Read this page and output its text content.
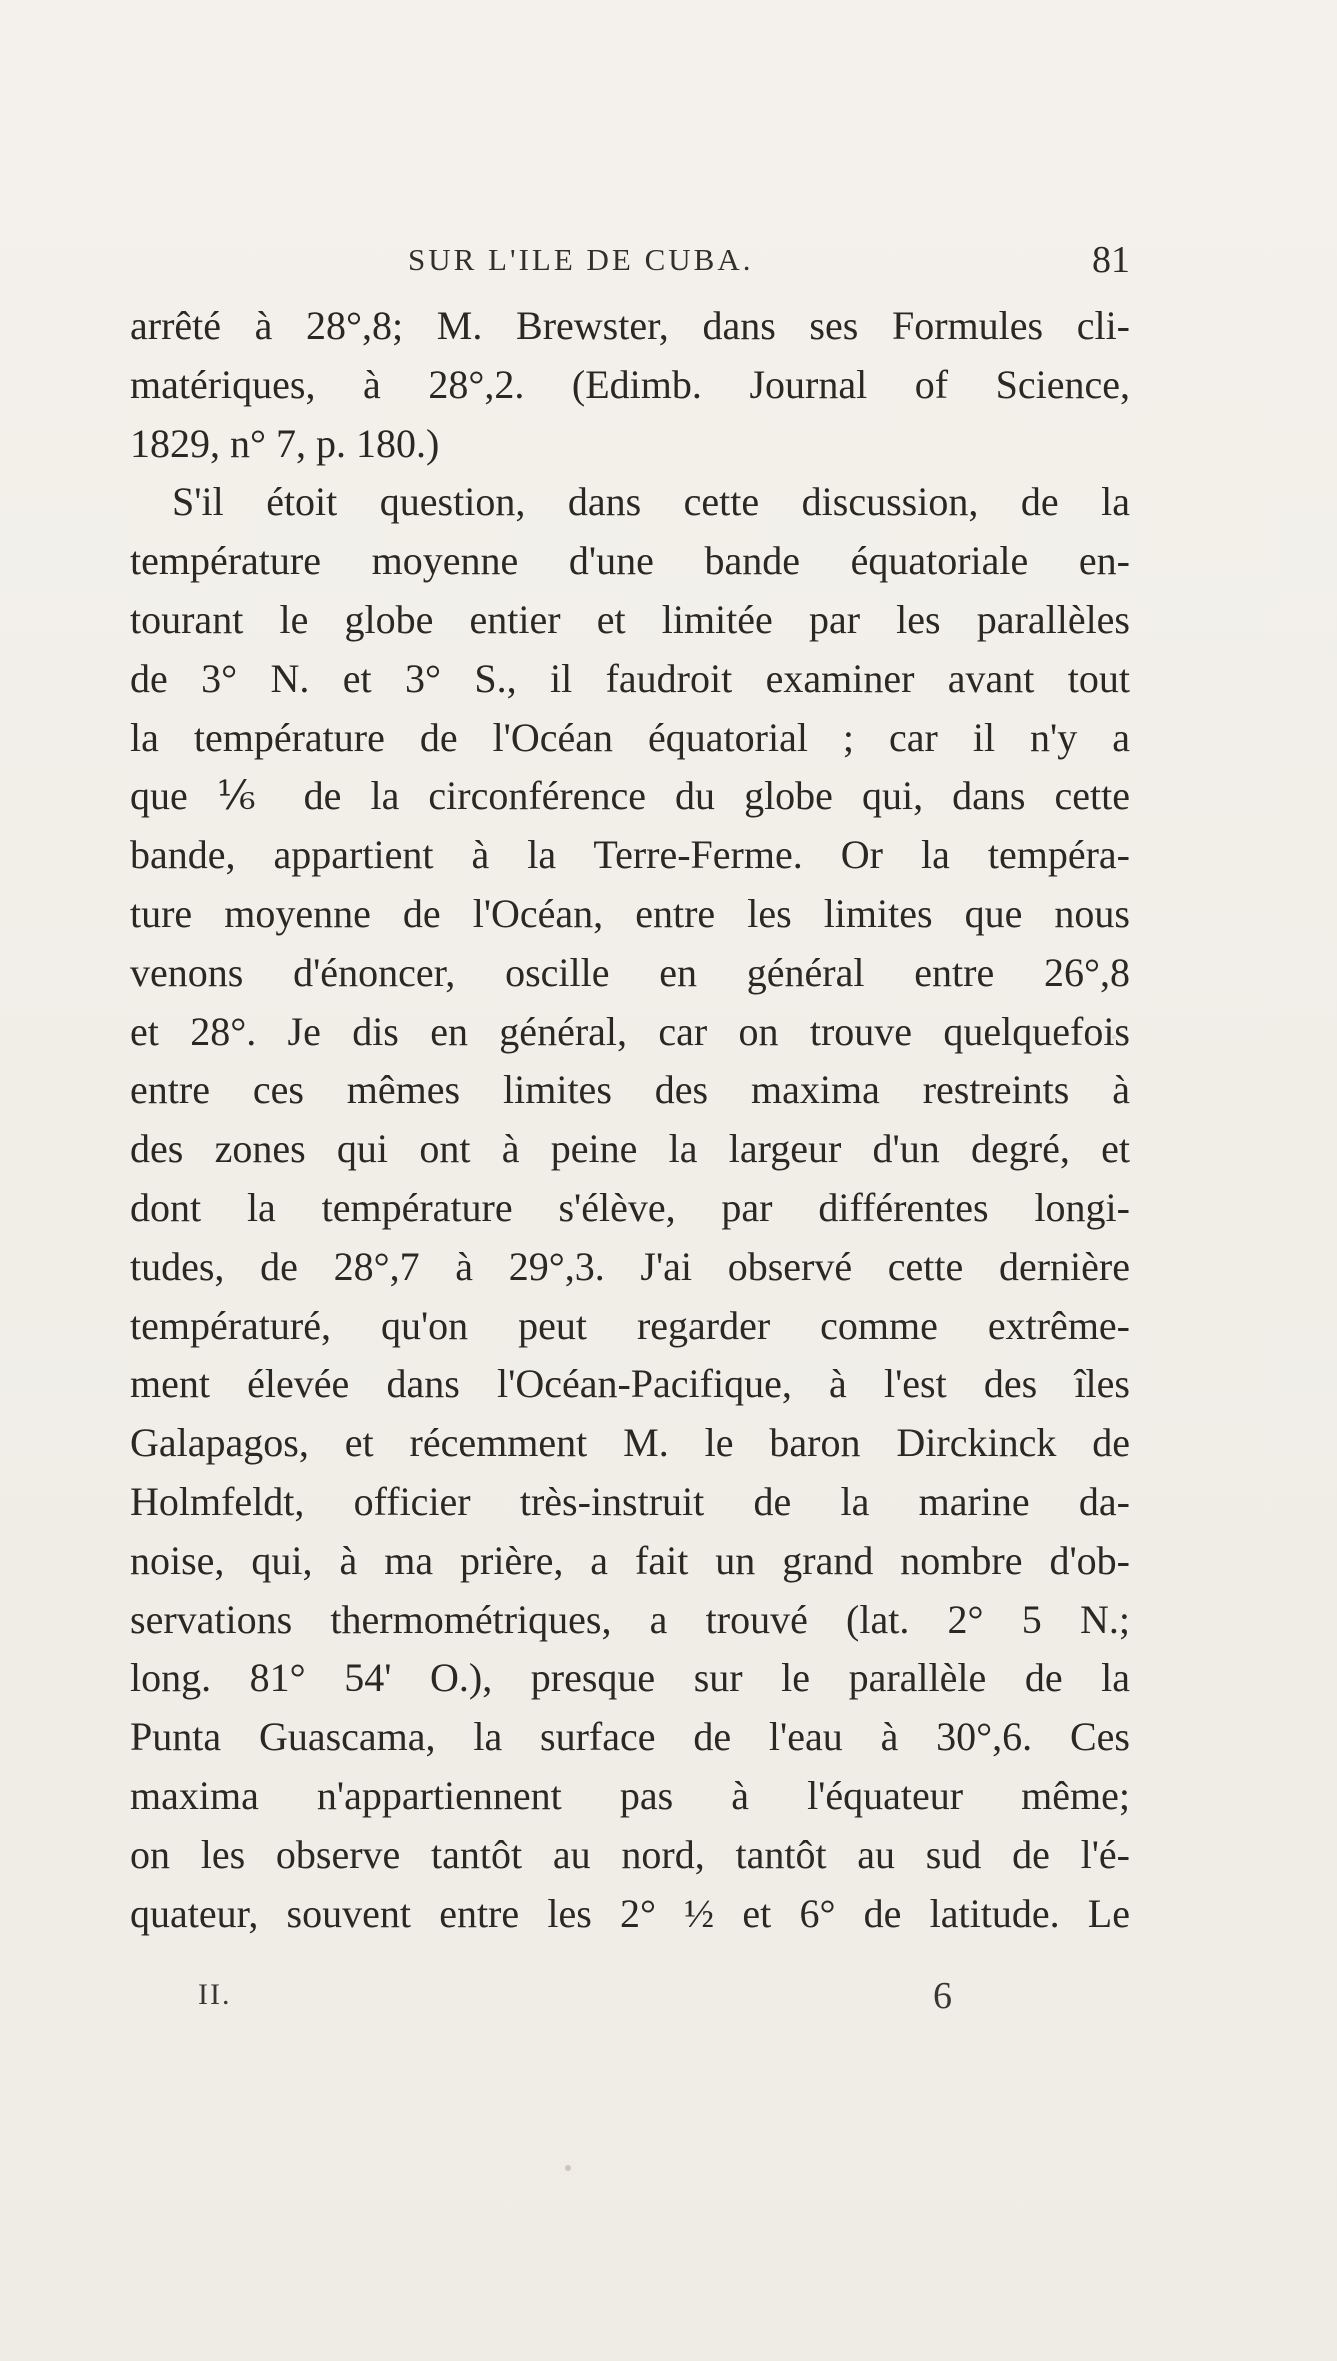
SUR L'ILE DE CUBA.	81
arrêté à 28°,8; M. Brewster, dans ses Formules cli-
matériques, à 28°,2. (Edimb. Journal of Science,
1829, n° 7, p. 180.)
S'il étoit question, dans cette discussion, de la
température moyenne d'une bande équatoriale en-
tourant le globe entier et limitée par les parallèles
de 3° N. et 3° S., il faudroit examiner avant tout
la température de l'Océan équatorial ; car il n'y a
que ⅙ de la circonférence du globe qui, dans cette
bande, appartient à la Terre-Ferme. Or la tempéra-
ture moyenne de l'Océan, entre les limites que nous
venons d'énoncer, oscille en général entre 26°,8
et 28°. Je dis en général, car on trouve quelquefois
entre ces mêmes limites des maxima restreints à
des zones qui ont à peine la largeur d'un degré, et
dont la température s'élève, par différentes longi-
tudes, de 28°,7 à 29°,3. J'ai observé cette dernière
températuré, qu'on peut regarder comme extrême-
ment élevée dans l'Océan-Pacifique, à l'est des îles
Galapagos, et récemment M. le baron Dirckinck de
Holmfeldt, officier très-instruit de la marine da-
noise, qui, à ma prière, a fait un grand nombre d'ob-
servations thermométriques, a trouvé (lat. 2° 5 N.;
long. 81° 54' O.), presque sur le parallèle de la
Punta Guascama, la surface de l'eau à 30°,6. Ces
maxima n'appartiennent pas à l'équateur même;
on les observe tantôt au nord, tantôt au sud de l'é-
quateur, souvent entre les 2° ½ et 6° de latitude. Le
II.	6
